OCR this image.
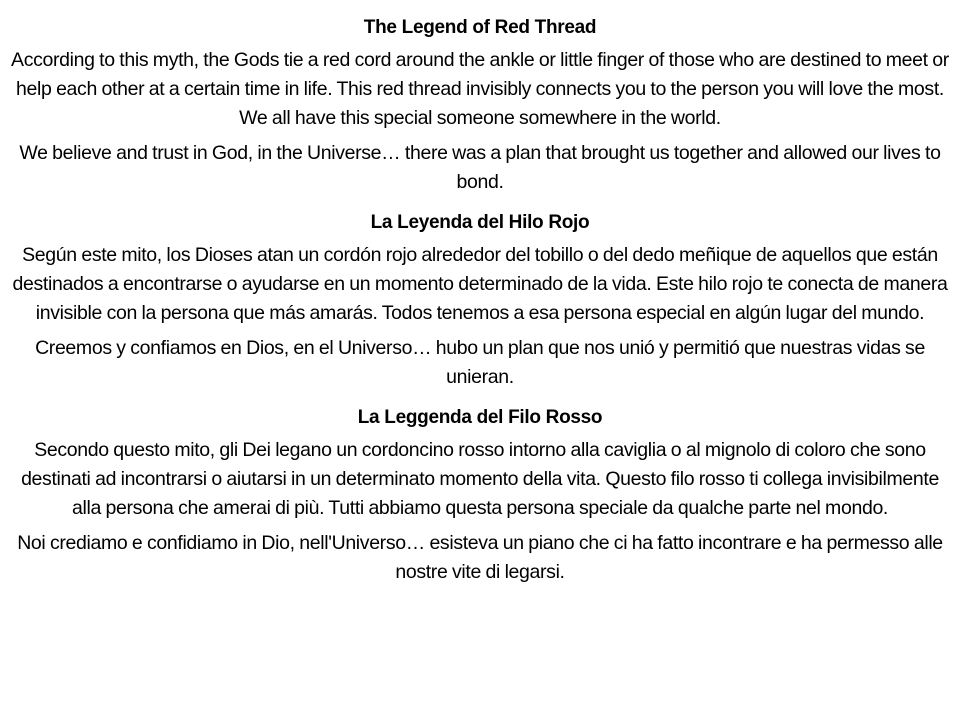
The Legend of Red Thread

According to this myth, the Gods tie a red cord around the ankle or little finger of those who are destined to meet or help each other at a certain time in life. This red thread invisibly connects you to the person you will love the most. We all have this special someone somewhere in the world.

We believe and trust in God, in the Universe… there was a plan that brought us together and allowed our lives to bond.

La Leyenda del Hilo Rojo

Según este mito, los Dioses atan un cordón rojo alrededor del tobillo o del dedo meñique de aquellos que están destinados a encontrarse o ayudarse en un momento determinado de la vida. Este hilo rojo te conecta de manera invisible con la persona que más amarás. Todos tenemos a esa persona especial en algún lugar del mundo.

Creemos y confiamos en Dios, en el Universo… hubo un plan que nos unió y permitió que nuestras vidas se unieran.

La Leggenda del Filo Rosso

Secondo questo mito, gli Dei legano un cordoncino rosso intorno alla caviglia o al mignolo di coloro che sono destinati ad incontrarsi o aiutarsi in un determinato momento della vita. Questo filo rosso ti collega invisibilmente alla persona che amerai di più. Tutti abbiamo questa persona speciale da qualche parte nel mondo.

Noi crediamo e confidiamo in Dio, nell'Universo… esisteva un piano che ci ha fatto incontrare e ha permesso alle nostre vite di legarsi.
